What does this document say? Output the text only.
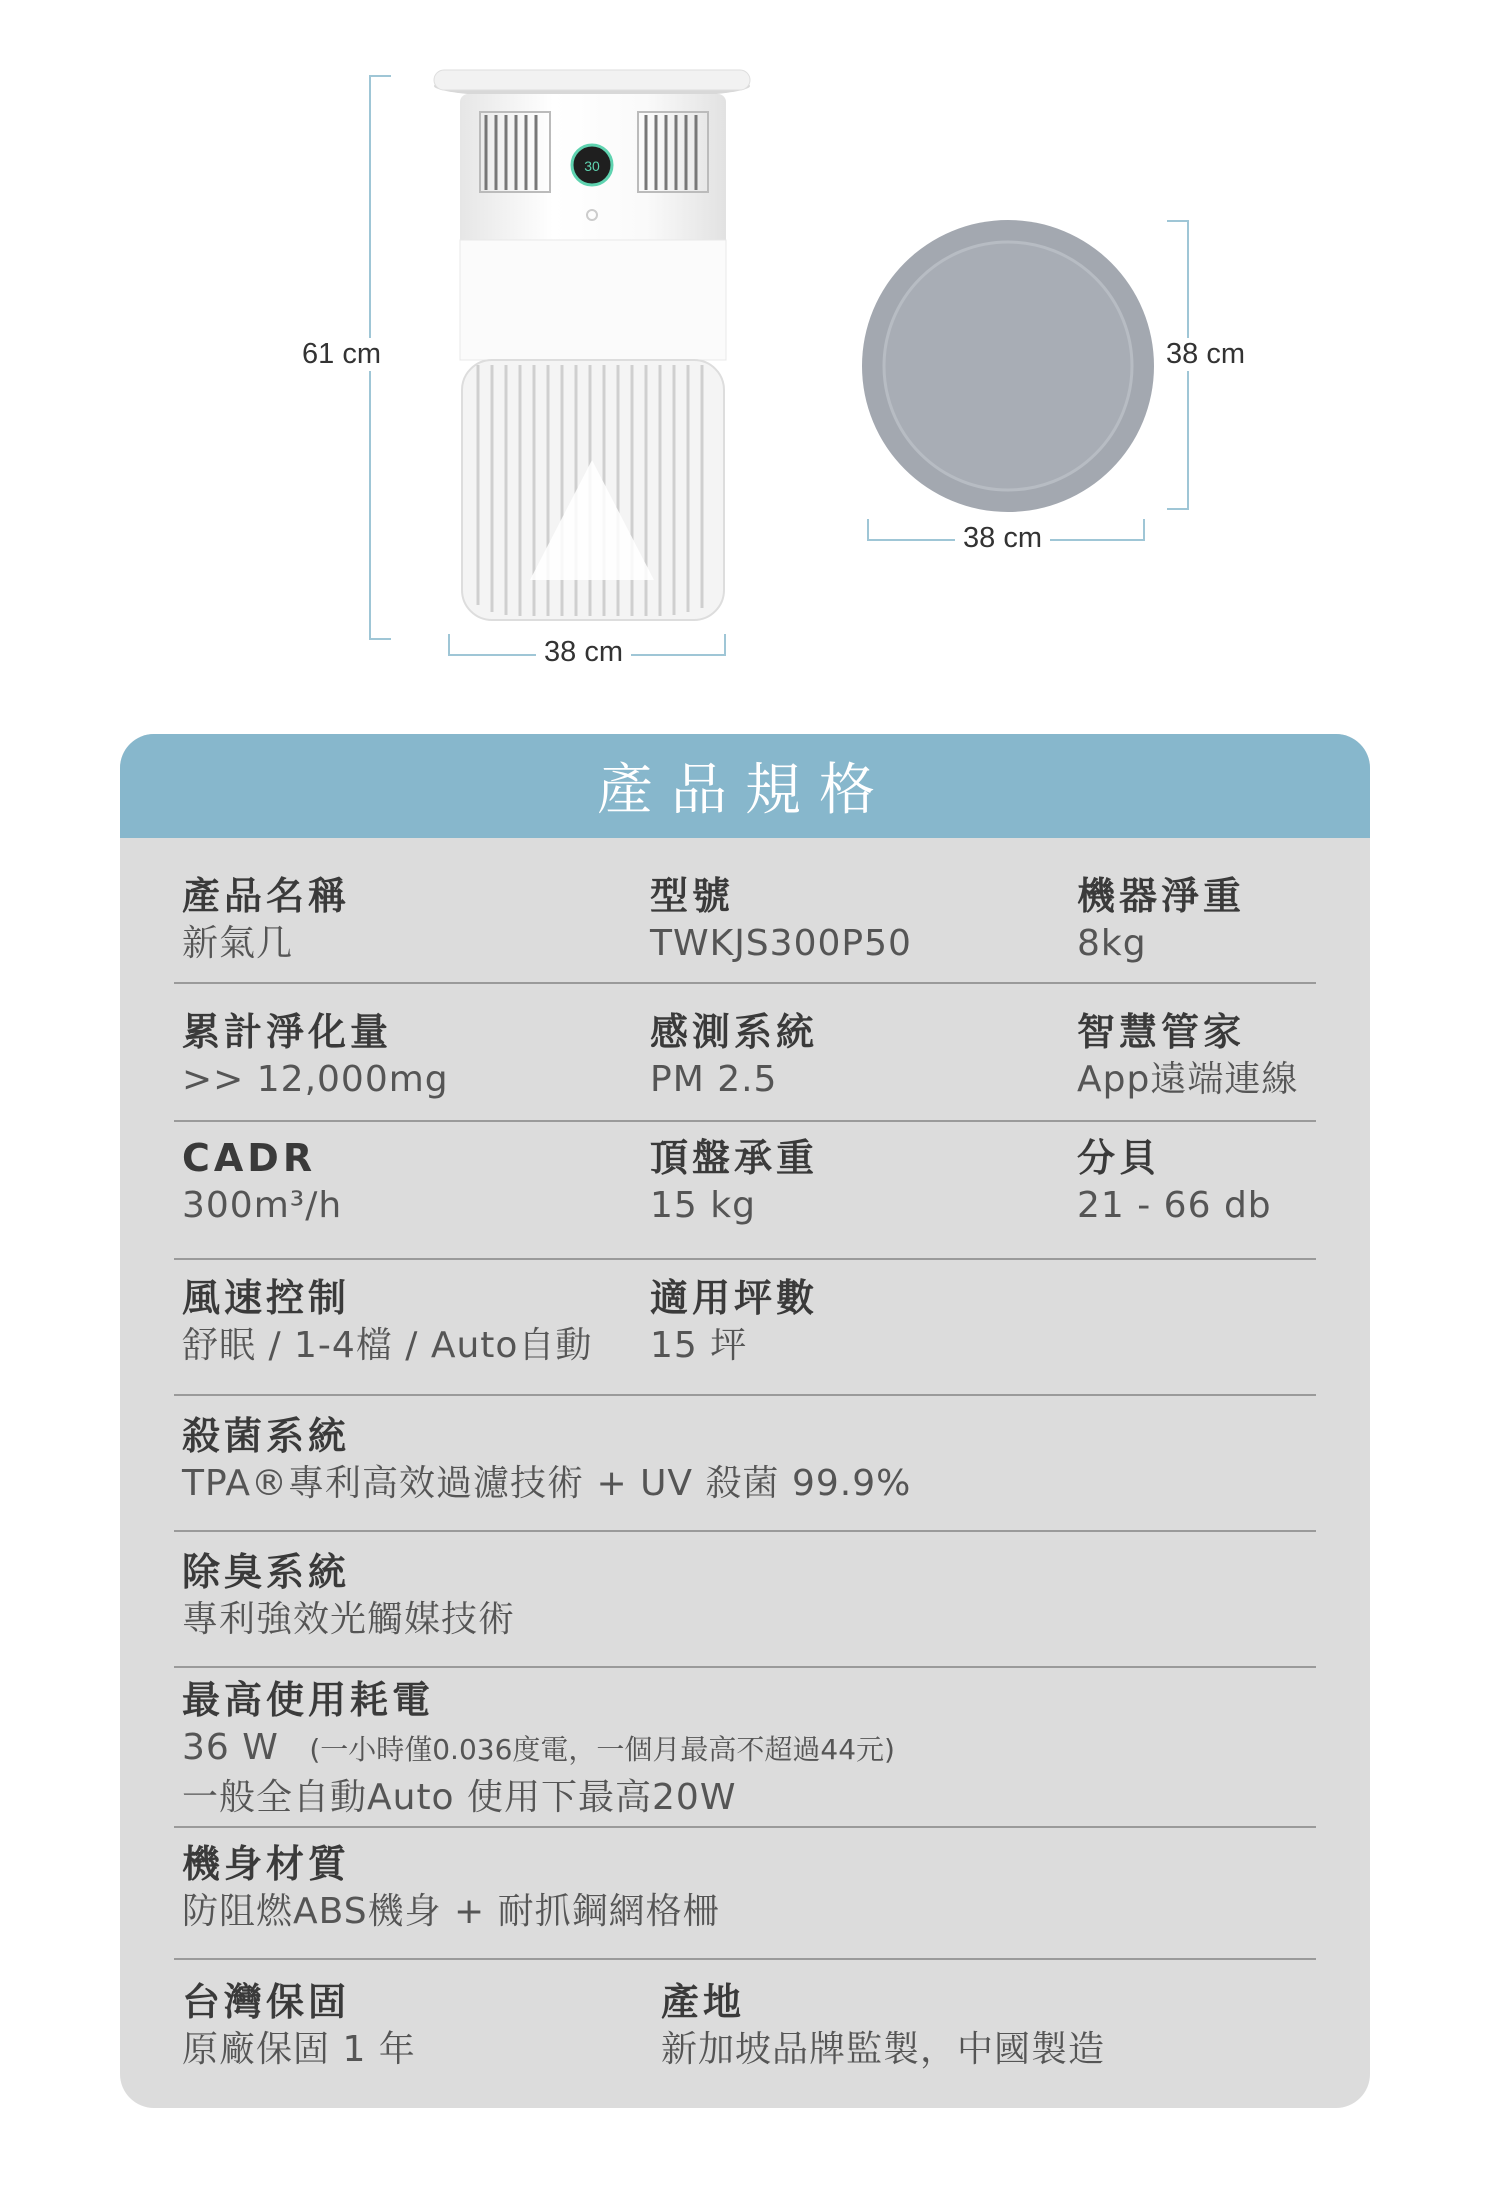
61 cm
38 cm
30
38 cm
38 cm
產品規格
產品名稱
新氣几
型號
TWKJS300P50
機器淨重
8kg
累計淨化量
>> 12,000mg
感測系統
PM 2.5
智慧管家
App遠端連線
CADR
300m³/h
頂盤承重
15 kg
分貝
21 - 66 db
風速控制
舒眠 / 1-4檔 / Auto自動
適用坪數
15 坪
殺菌系統
TPA®專利高效過濾技術 + UV 殺菌 99.9%
除臭系統
專利強效光觸媒技術
最高使用耗電
36 W (一小時僅0.036度電，一個月最高不超過44元)
一般全自動Auto 使用下最高20W
機身材質
防阻燃ABS機身 + 耐抓鋼網格柵
台灣保固
原廠保固 1 年
產地
新加坡品牌監製，中國製造
